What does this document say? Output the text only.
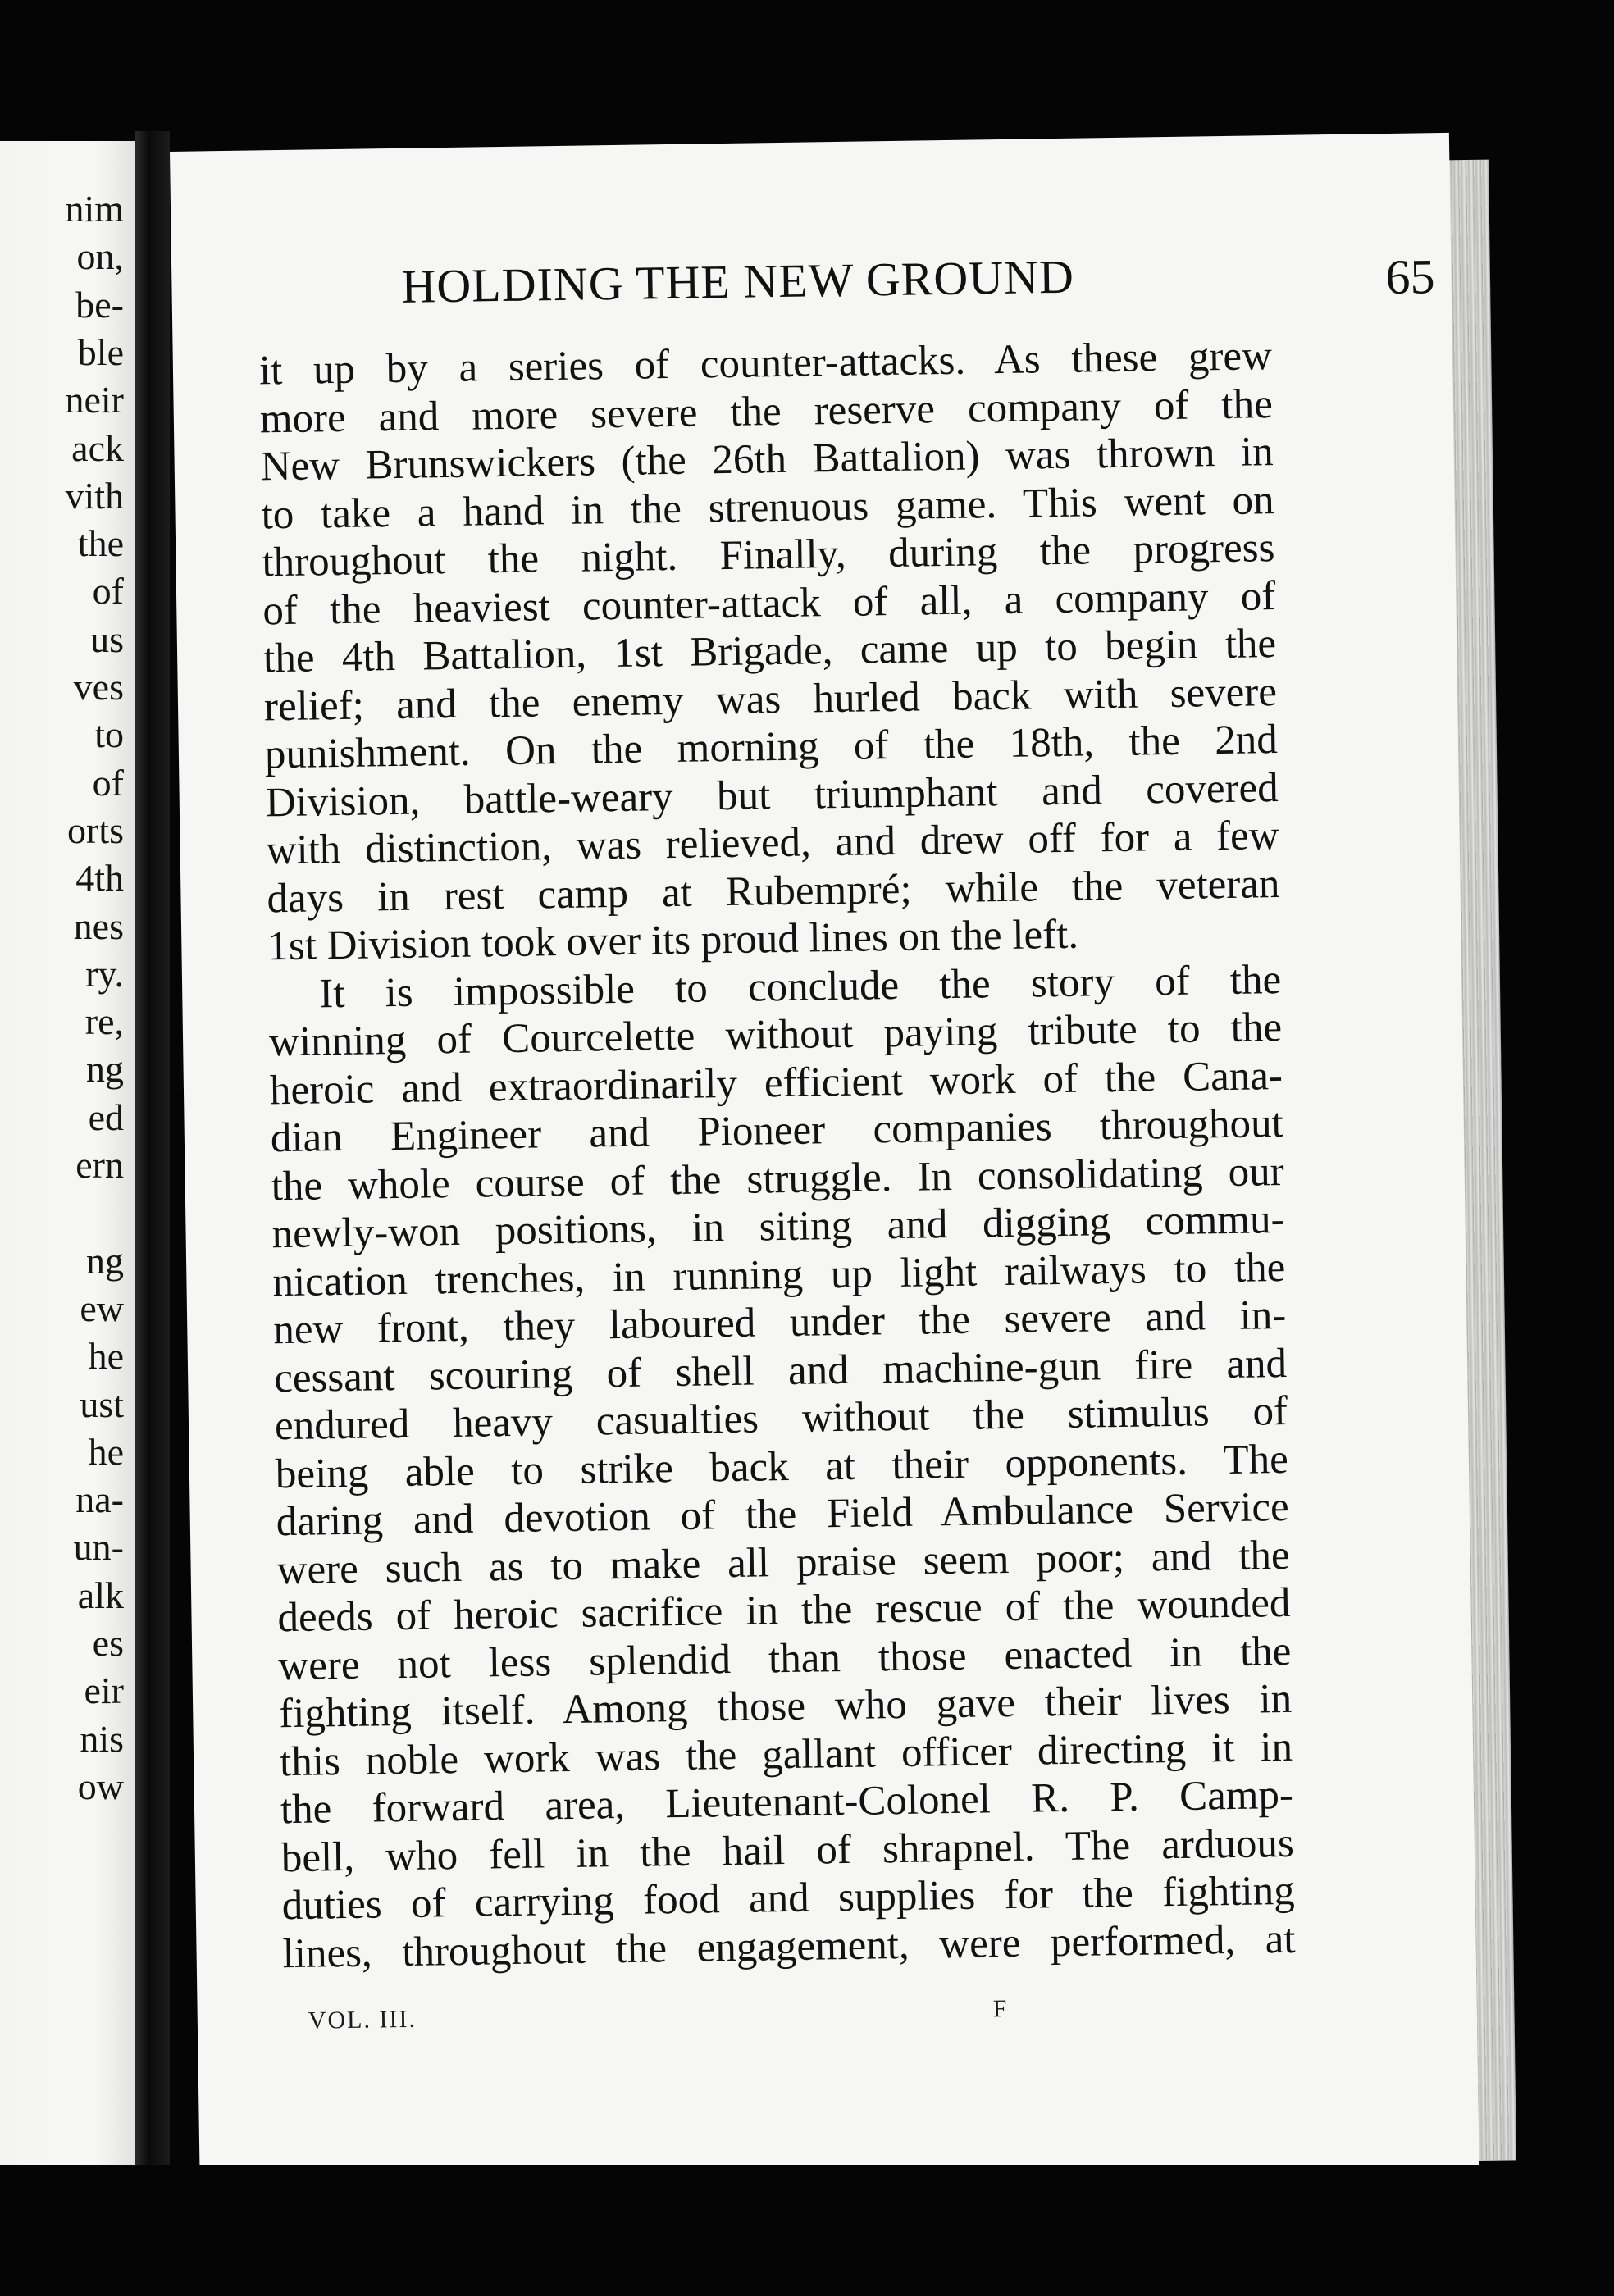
nim
on,
be-
ble
neir
ack
vith
the
of
us
ves
to
of
orts
4th
nes
ry.
re,
ng
ed
ern
ng
ew
he
ust
he
na-
un-
alk
es
eir
nis
ow
HOLDING THE NEW GROUND	65
it up by a series of counter-attacks. As these grew
more and more severe the reserve company of the
New Brunswickers (the 26th Battalion) was thrown in
to take a hand in the strenuous game. This went on
throughout the night. Finally, during the progress
of the heaviest counter-attack of all, a company of
the 4th Battalion, 1st Brigade, came up to begin the
relief; and the enemy was hurled back with severe
punishment. On the morning of the 18th, the 2nd
Division, battle-weary but triumphant and covered
with distinction, was relieved, and drew off for a few
days in rest camp at Rubempré; while the veteran
1st Division took over its proud lines on the left.
It is impossible to conclude the story of the
winning of Courcelette without paying tribute to the
heroic and extraordinarily efficient work of the Cana-
dian Engineer and Pioneer companies throughout
the whole course of the struggle. In consolidating our
newly-won positions, in siting and digging commu-
nication trenches, in running up light railways to the
new front, they laboured under the severe and in-
cessant scouring of shell and machine-gun fire and
endured heavy casualties without the stimulus of
being able to strike back at their opponents. The
daring and devotion of the Field Ambulance Service
were such as to make all praise seem poor; and the
deeds of heroic sacrifice in the rescue of the wounded
were not less splendid than those enacted in the
fighting itself. Among those who gave their lives in
this noble work was the gallant officer directing it in
the forward area, Lieutenant-Colonel R. P. Camp-
bell, who fell in the hail of shrapnel. The arduous
duties of carrying food and supplies for the fighting
lines, throughout the engagement, were performed, at
VOL. III.	F
